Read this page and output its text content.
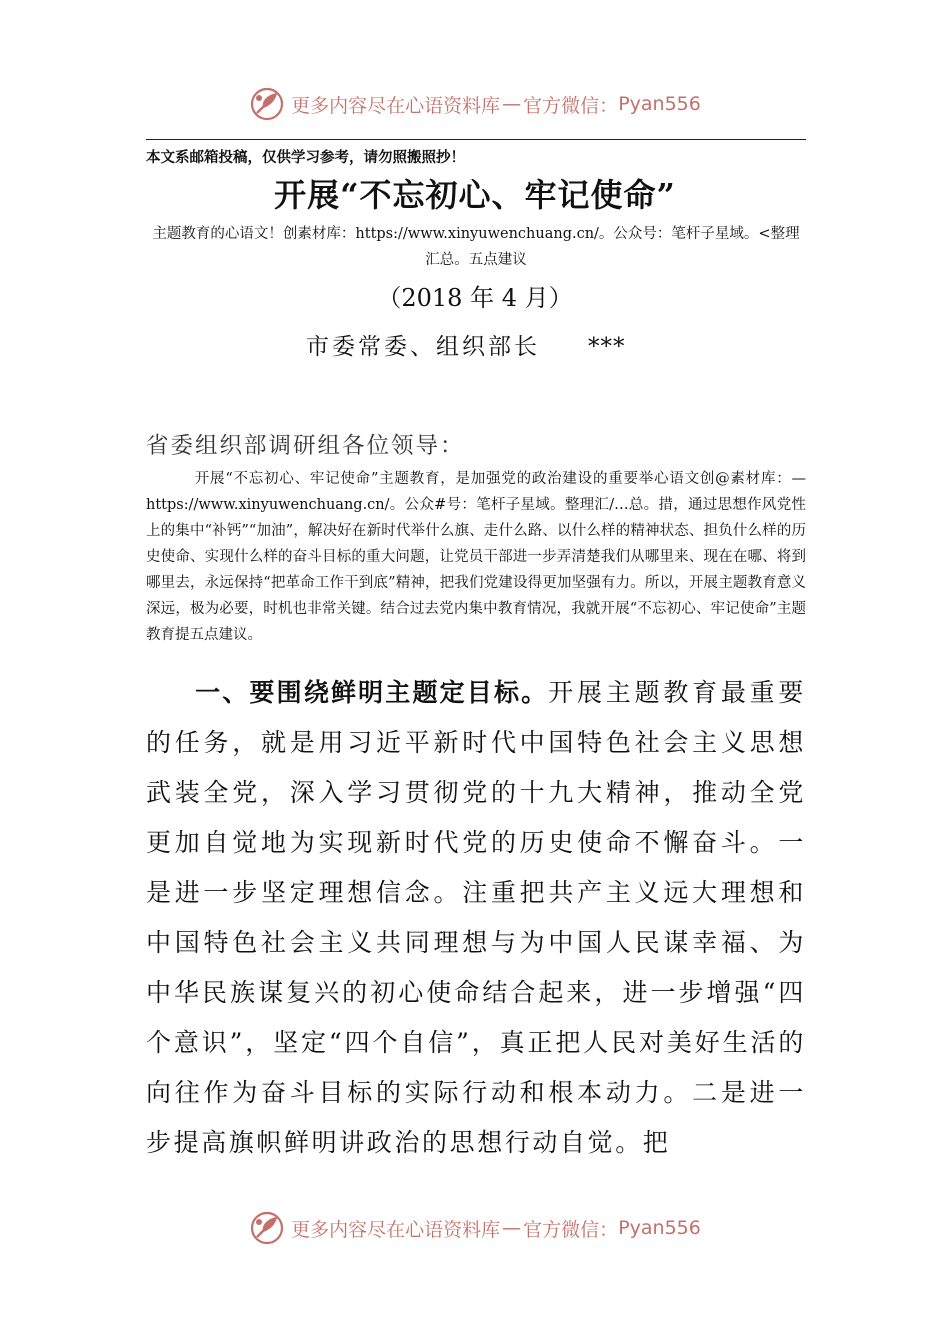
更多内容尽在心语资料库 — 官方微信： Pyan556
本文系邮箱投稿，仅供学习参考，请勿照搬照抄！
开展“不忘初心、牢记使命”
主题教育的心语文！创素材库：https://www.xinyuwenchuang.cn/。公众号：笔杆子星域。<整理汇总。五点建议
（2018 年 4 月）
市委常委、组织部长 ***
省委组织部调研组各位领导：

开展“不忘初心、牢记使命”主题教育，是加强党的政治建设的重要举心语文创@素材库：—https://www.xinyuwenchuang.cn/。公众#号：笔杆子星域。整理汇/…总。措，通过思想作风党性上的集中“补钙”“加油”，解决好在新时代举什么旗、走什么路、以什么样的精神状态、担负什么样的历史使命、实现什么样的奋斗目标的重大问题，让党员干部进一步弄清楚我们从哪里来、现在在哪、将到哪里去，永远保持“把革命工作干到底”精神，把我们党建设得更加坚强有力。所以，开展主题教育意义深远，极为必要，时机也非常关键。结合过去党内集中教育情况，我就开展“不忘初心、牢记使命”主题教育提五点建议。

一、要围绕鲜明主题定目标。开展主题教育最重要的任务，就是用习近平新时代中国特色社会主义思想武装全党，深入学习贯彻党的十九大精神，推动全党更加自觉地为实现新时代党的历史使命不懈奋斗。一是进一步坚定理想信念。注重把共产主义远大理想和中国特色社会主义共同理想与为中国人民谋幸福、为中华民族谋复兴的初心使命结合起来，进一步增强“四个意识”，坚定“四个自信”，真正把人民对美好生活的向往作为奋斗目标的实际行动和根本动力。二是进一步提高旗帜鲜明讲政治的思想行动自觉。把

更多内容尽在心语资料库 — 官方微信： Pyan556
